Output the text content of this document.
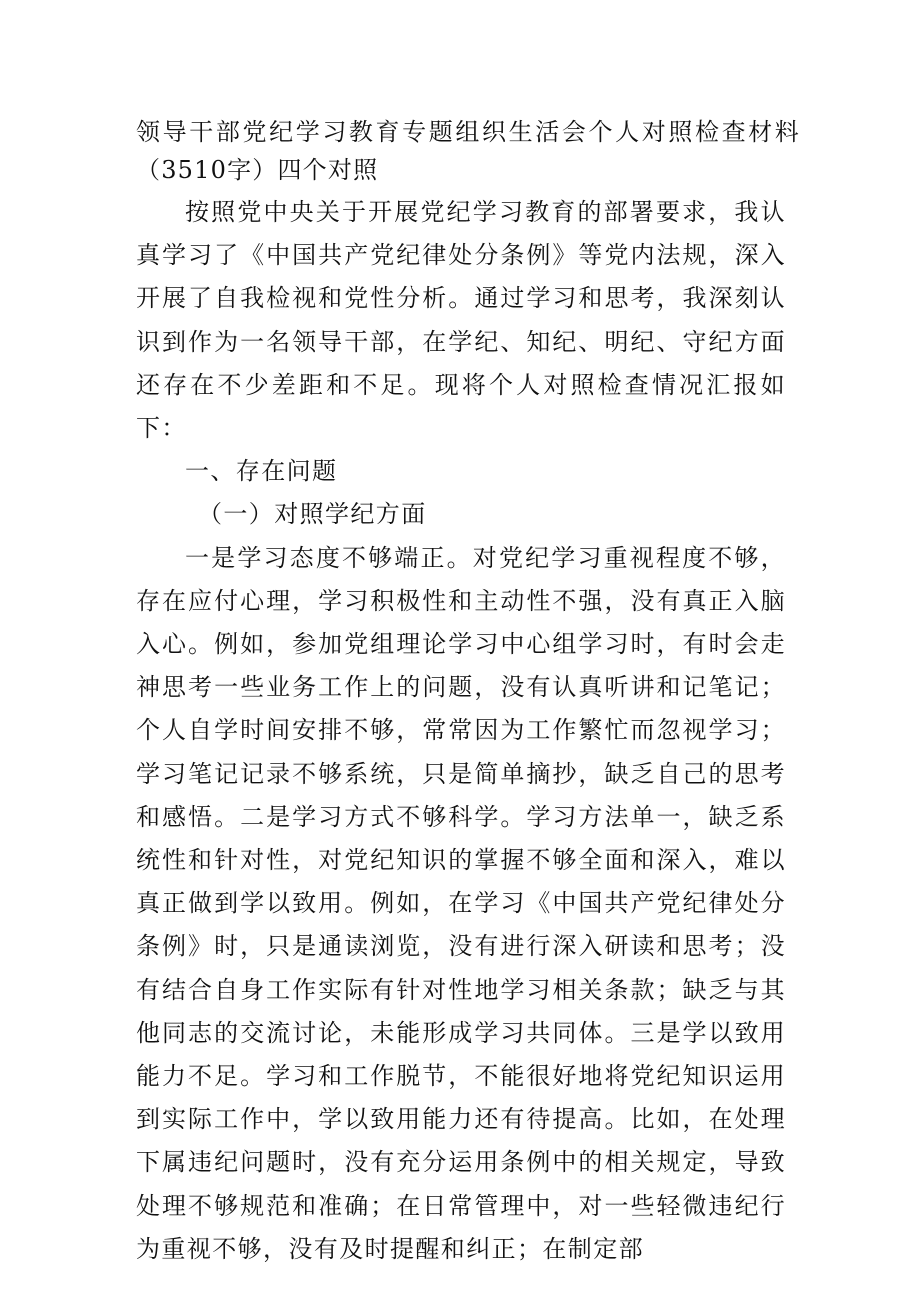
领导干部党纪学习教育专题组织生活会个人对照检查材料（3510字）四个对照

按照党中央关于开展党纪学习教育的部署要求，我认真学习了《中国共产党纪律处分条例》等党内法规，深入开展了自我检视和党性分析。通过学习和思考，我深刻认识到作为一名领导干部，在学纪、知纪、明纪、守纪方面还存在不少差距和不足。现将个人对照检查情况汇报如下：

一、存在问题

（一）对照学纪方面

一是学习态度不够端正。对党纪学习重视程度不够，存在应付心理，学习积极性和主动性不强，没有真正入脑入心。例如，参加党组理论学习中心组学习时，有时会走神思考一些业务工作上的问题，没有认真听讲和记笔记；个人自学时间安排不够，常常因为工作繁忙而忽视学习；学习笔记记录不够系统，只是简单摘抄，缺乏自己的思考和感悟。二是学习方式不够科学。学习方法单一，缺乏系统性和针对性，对党纪知识的掌握不够全面和深入，难以真正做到学以致用。例如，在学习《中国共产党纪律处分条例》时，只是通读浏览，没有进行深入研读和思考；没有结合自身工作实际有针对性地学习相关条款；缺乏与其他同志的交流讨论，未能形成学习共同体。三是学以致用能力不足。学习和工作脱节，不能很好地将党纪知识运用到实际工作中，学以致用能力还有待提高。比如，在处理下属违纪问题时，没有充分运用条例中的相关规定，导致处理不够规范和准确；在日常管理中，对一些轻微违纪行为重视不够，没有及时提醒和纠正；在制定部
